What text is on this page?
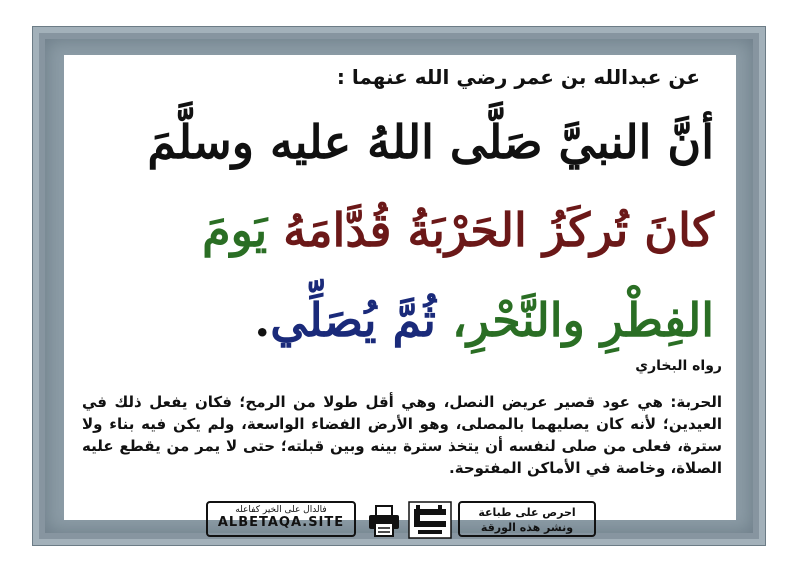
عن عبدالله بن عمر رضي الله عنهما :
أنَّ النبيَّ صَلَّى اللهُ عليه وسلَّمَ
كانَ تُركَزُ الحَرْبَةُ قُدَّامَهُ يَومَ
الفِطْرِ والنَّحْرِ، ثُمَّ يُصَلِّي.
رواه البخاري
الحربة: هي عود قصير عريض النصل، وهي أقل طولا من الرمح؛ فكان يفعل ذلك في العيدين؛ لأنه كان يصليهما بالمصلى، وهو الأرض الفضاء الواسعة، ولم يكن فيه بناء ولا سترة، فعلى من صلى لنفسه أن يتخذ سترة بينه وبين قبلته؛ حتى لا يمر من يقطع عليه الصلاة، وخاصة في الأماكن المفتوحة.
فالدال على الخير كفاعله
ALBETAQA.SITE
احرص على طباعة
ونشر هذه الورقة
